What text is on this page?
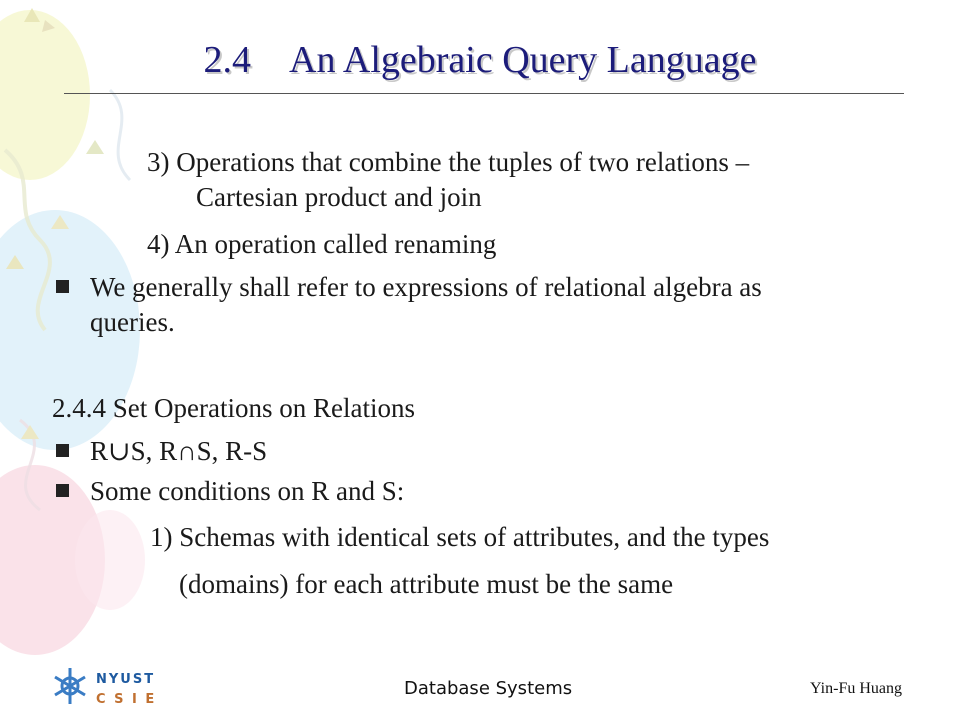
2.4 An Algebraic Query Language
3) Operations that combine the tuples of two relations –
Cartesian product and join
4) An operation called renaming
We generally shall refer to expressions of relational algebra as
queries.
2.4.4 Set Operations on Relations
R∪S, R∩S, R-S
Some conditions on R and S:
1) Schemas with identical sets of attributes, and the types
(domains) for each attribute must be the same
NYUST
C S I E
Database Systems	Yin-Fu Huang
